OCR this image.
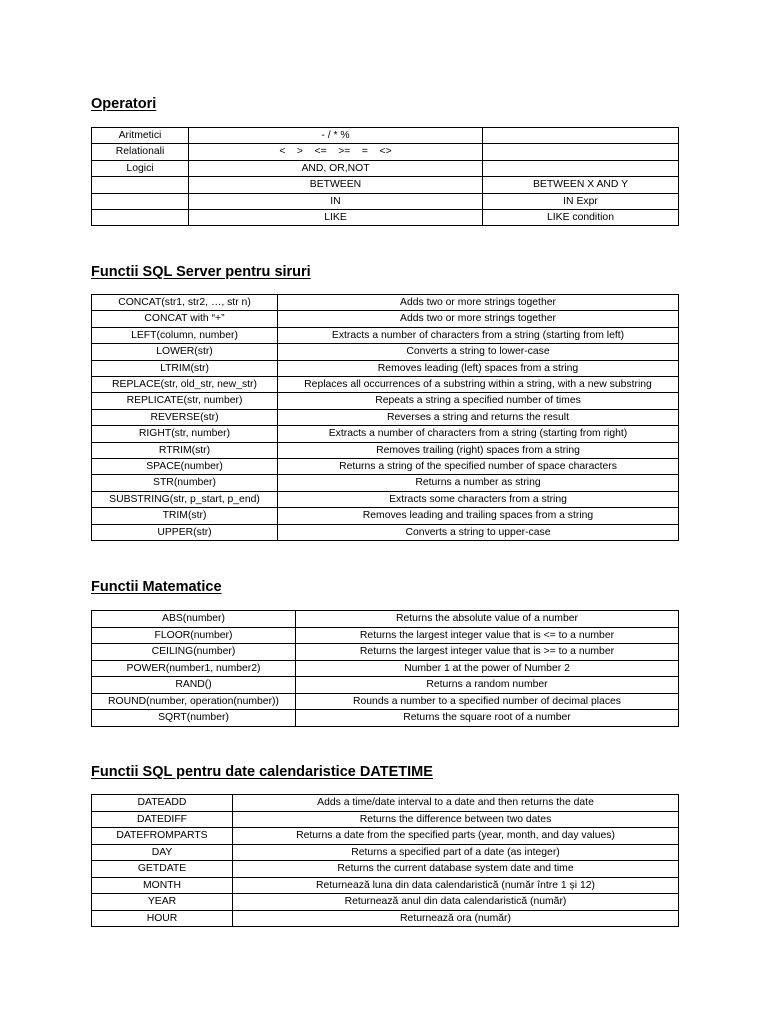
Operatori
Aritmetici	- / * %	
Relationali	<    >    <=    >=    =    <>	
Logici	AND, OR,NOT	
	BETWEEN	BETWEEN X AND Y
	IN	IN Expr
	LIKE	LIKE condition
Functii SQL Server pentru siruri
CONCAT(str1, str2, …, str n)	Adds two or more strings together
CONCAT with “+”	Adds two or more strings together
LEFT(column, number)	Extracts a number of characters from a string (starting from left)
LOWER(str)	Converts a string to lower-case
LTRIM(str)	Removes leading (left) spaces from a string
REPLACE(str, old_str, new_str)	Replaces all occurrences of a substring within a string, with a new substring
REPLICATE(str, number)	Repeats a string a specified number of times
REVERSE(str)	Reverses a string and returns the result
RIGHT(str, number)	Extracts a number of characters from a string (starting from right)
RTRIM(str)	Removes trailing (right) spaces from a string
SPACE(number)	Returns a string of the specified number of space characters
STR(number)	Returns a number as string
SUBSTRING(str, p_start, p_end)	Extracts some characters from a string
TRIM(str)	Removes leading and trailing spaces from a string
UPPER(str)	Converts a string to upper-case
Functii Matematice
ABS(number)	Returns the absolute value of a number
FLOOR(number)	Returns the largest integer value that is <= to a number
CEILING(number)	Returns the largest integer value that is >= to a number
POWER(number1, number2)	Number 1 at the power of Number 2
RAND()	Returns a random number
ROUND(number, operation(number))	Rounds a number to a specified number of decimal places
SQRT(number)	Returns the square root of a number
Functii SQL pentru date calendaristice DATETIME
DATEADD	Adds a time/date interval to a date and then returns the date
DATEDIFF	Returns the difference between two dates
DATEFROMPARTS	Returns a date from the specified parts (year, month, and day values)
DAY	Returns a specified part of a date (as integer)
GETDATE	Returns the current database system date and time
MONTH	Returnează luna din data calendaristică (număr între 1 și 12)
YEAR	Returnează anul din data calendaristică (număr)
HOUR	Returnează ora (număr)
